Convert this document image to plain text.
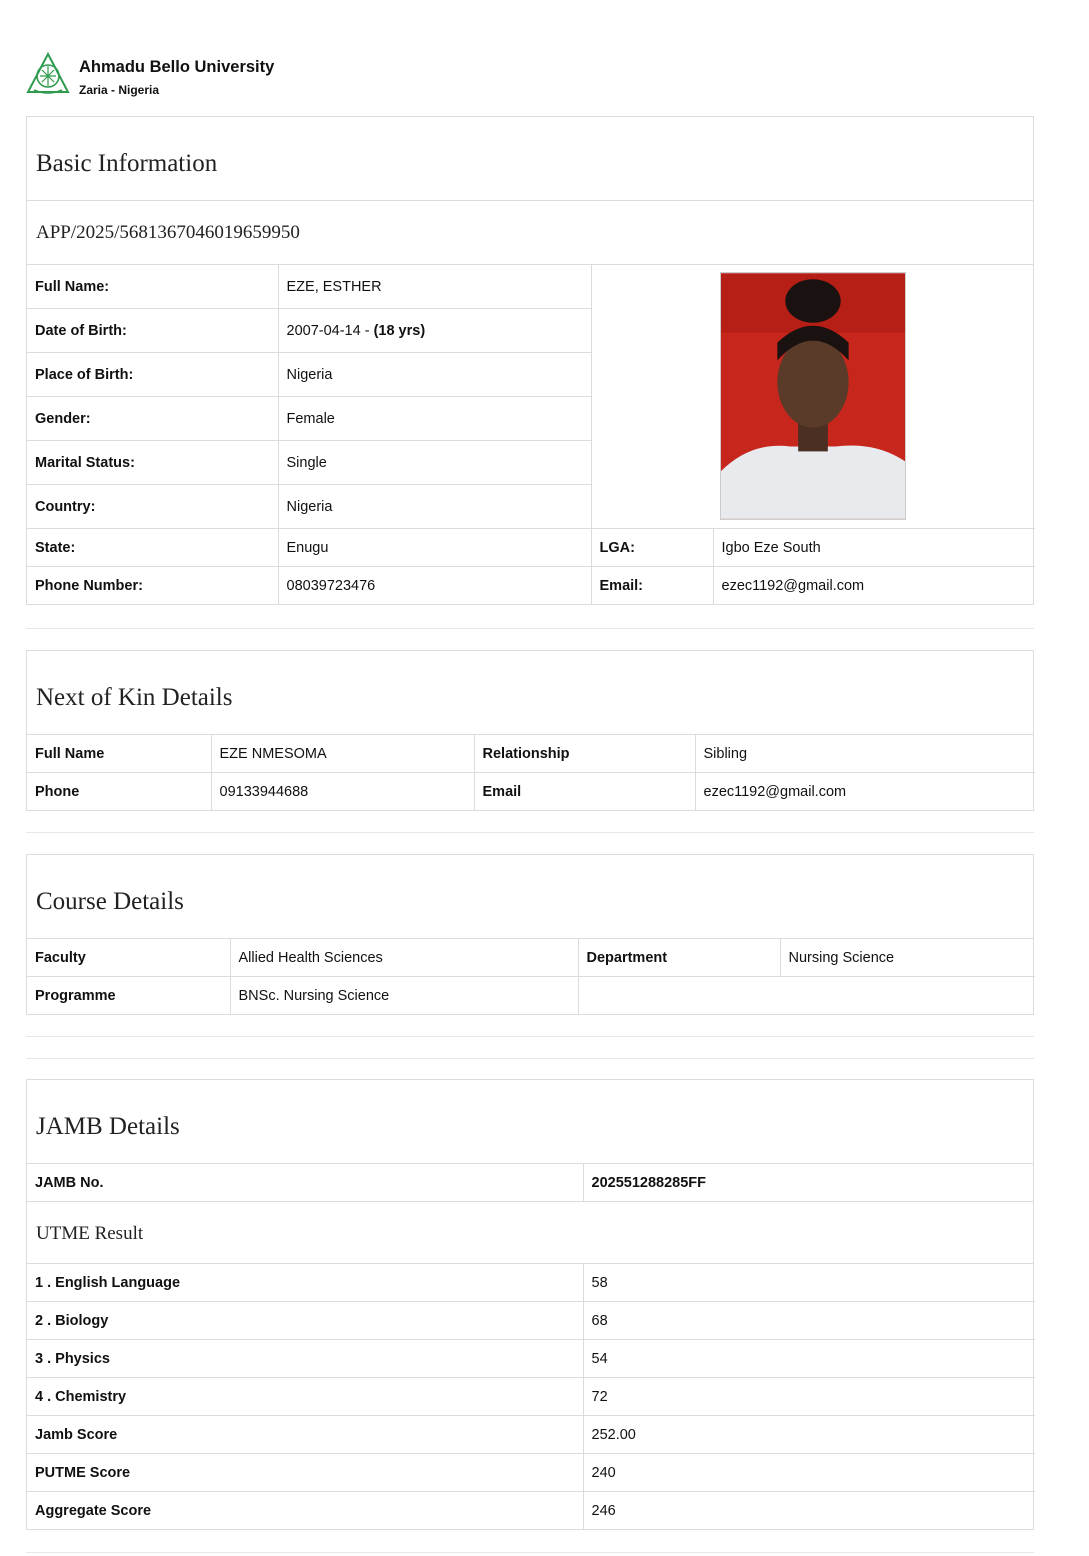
Ahmadu Bello University
Zaria - Nigeria
Basic Information
APP/2025/5681367046019659950
Full Name:	EZE, ESTHER	

Date of Birth:	2007-04-14 - (18 yrs)		
Place of Birth:	Nigeria		
Gender:	Female		
Marital Status:	Single		
Country:	Nigeria		
State:	Enugu	LGA:	Igbo Eze South
Phone Number:	08039723476	Email:	ezec1192@gmail.com
Next of Kin Details
Full Name	EZE NMESOMA	Relationship	Sibling
Phone	09133944688	Email	ezec1192@gmail.com
Course Details
Faculty	Allied Health Sciences	Department	Nursing Science
Programme	BNSc. Nursing Science		
JAMB Details
JAMB No.	202551288285FF
UTME Result
1 . English Language	58
2 . Biology	68
3 . Physics	54
4 . Chemistry	72
Jamb Score	252.00
PUTME Score	240
Aggregate Score	246
